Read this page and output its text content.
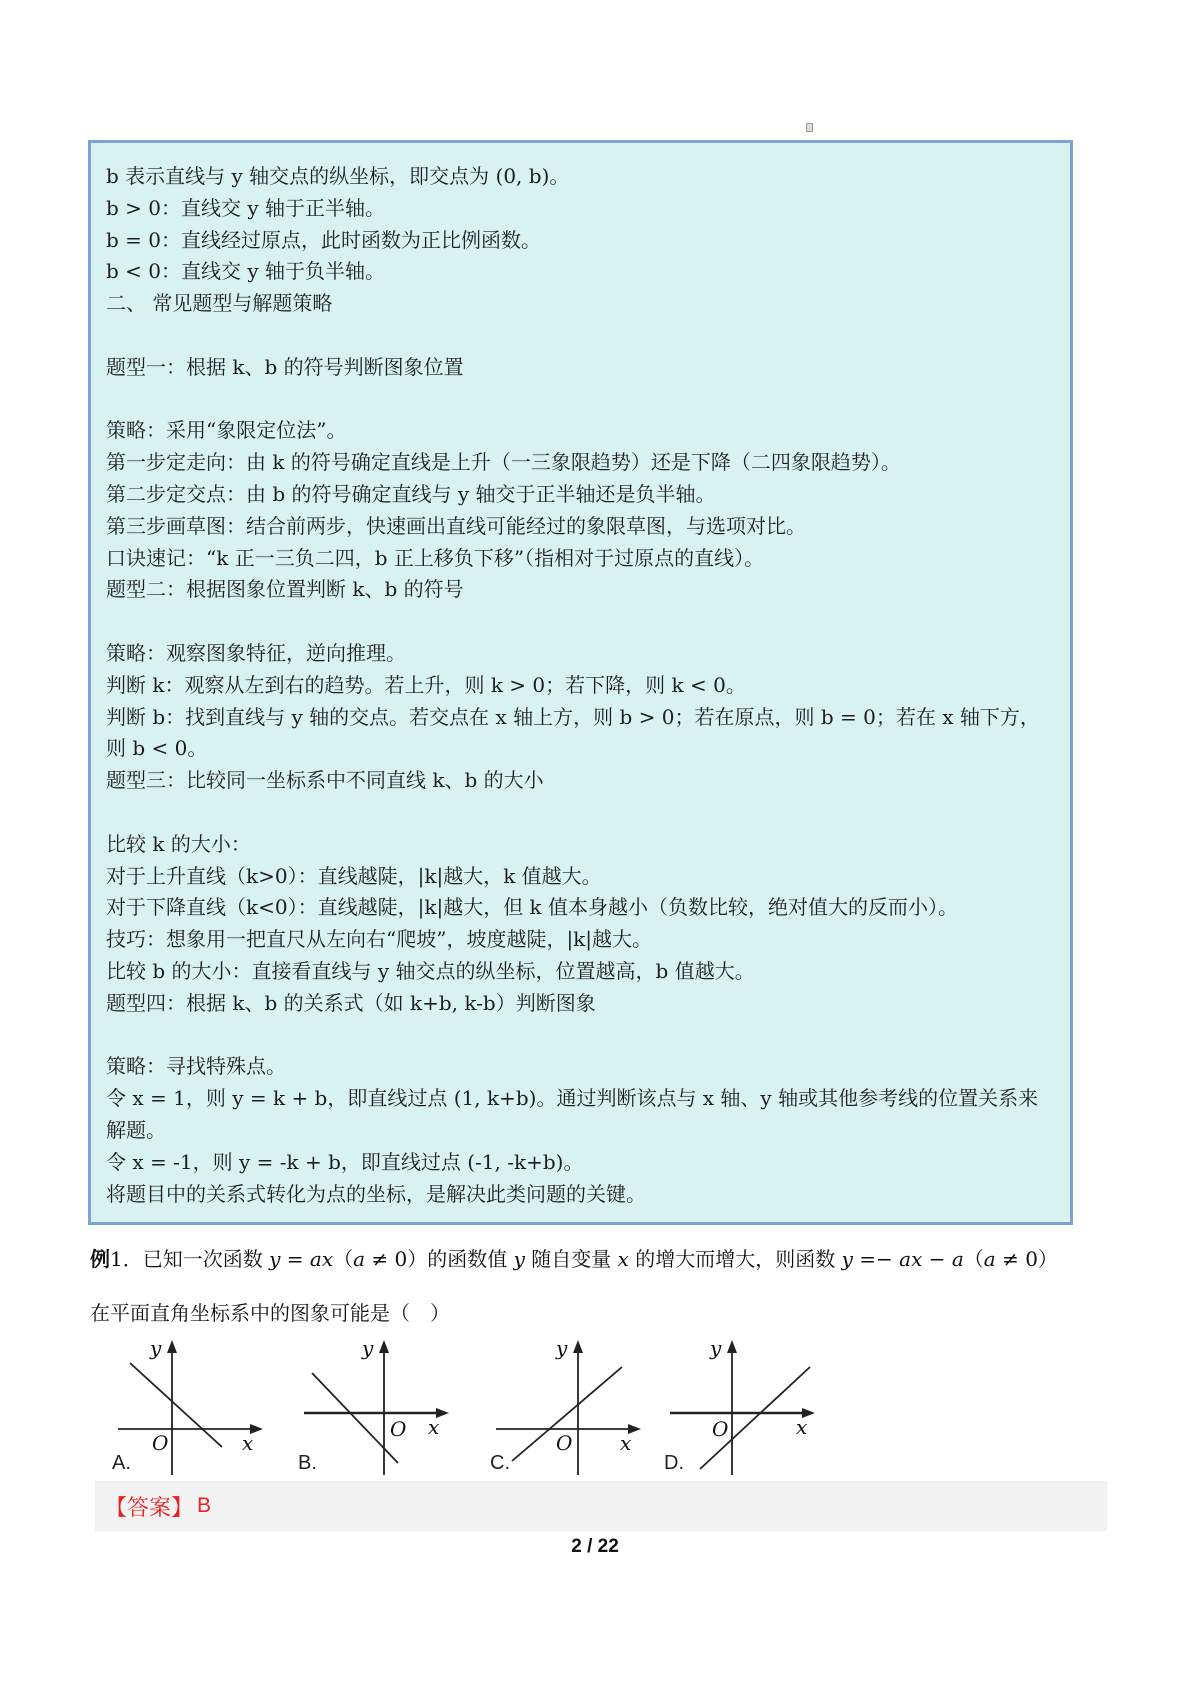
b 表示直线与 y 轴交点的纵坐标，即交点为 (0, b)。
b > 0：直线交 y 轴于正半轴。
b = 0：直线经过原点，此时函数为正比例函数。
b < 0：直线交 y 轴于负半轴。
二、 常见题型与解题策略

题型一：根据 k、b 的符号判断图象位置

策略：采用“象限定位法”。
第一步定走向：由 k 的符号确定直线是上升（一三象限趋势）还是下降（二四象限趋势）。
第二步定交点：由 b 的符号确定直线与 y 轴交于正半轴还是负半轴。
第三步画草图：结合前两步，快速画出直线可能经过的象限草图，与选项对比。
口诀速记：“k 正一三负二四，b 正上移负下移”（指相对于过原点的直线）。
题型二：根据图象位置判断 k、b 的符号

策略：观察图象特征，逆向推理。
判断 k：观察从左到右的趋势。若上升，则 k > 0；若下降，则 k < 0。
判断 b：找到直线与 y 轴的交点。若交点在 x 轴上方，则 b > 0；若在原点，则 b = 0；若在 x 轴下方，
则 b < 0。
题型三：比较同一坐标系中不同直线 k、b 的大小

比较 k 的大小：
对于上升直线（k>0）：直线越陡，|k|越大，k 值越大。
对于下降直线（k<0）：直线越陡，|k|越大，但 k 值本身越小（负数比较，绝对值大的反而小）。
技巧：想象用一把直尺从左向右“爬坡”，坡度越陡，|k|越大。
比较 b 的大小：直接看直线与 y 轴交点的纵坐标，位置越高，b 值越大。
题型四：根据 k、b 的关系式（如 k+b, k-b）判断图象

策略：寻找特殊点。
令 x = 1，则 y = k + b，即直线过点 (1, k+b)。通过判断该点与 x 轴、y 轴或其他参考线的位置关系来
解题。
令 x = -1，则 y = -k + b，即直线过点 (-1, -k+b)。
将题目中的关系式转化为点的坐标，是解决此类问题的关键。
例1．已知一次函数 y = ax（a ≠ 0）的函数值 y 随自变量 x 的增大而增大，则函数 y =− ax − a（a ≠ 0）
在平面直角坐标系中的图象可能是（　）
y
x
O
A.
y
x
O
B.
y
x
O
C.
y
x
O
D.
【答案】 B
2 / 22
